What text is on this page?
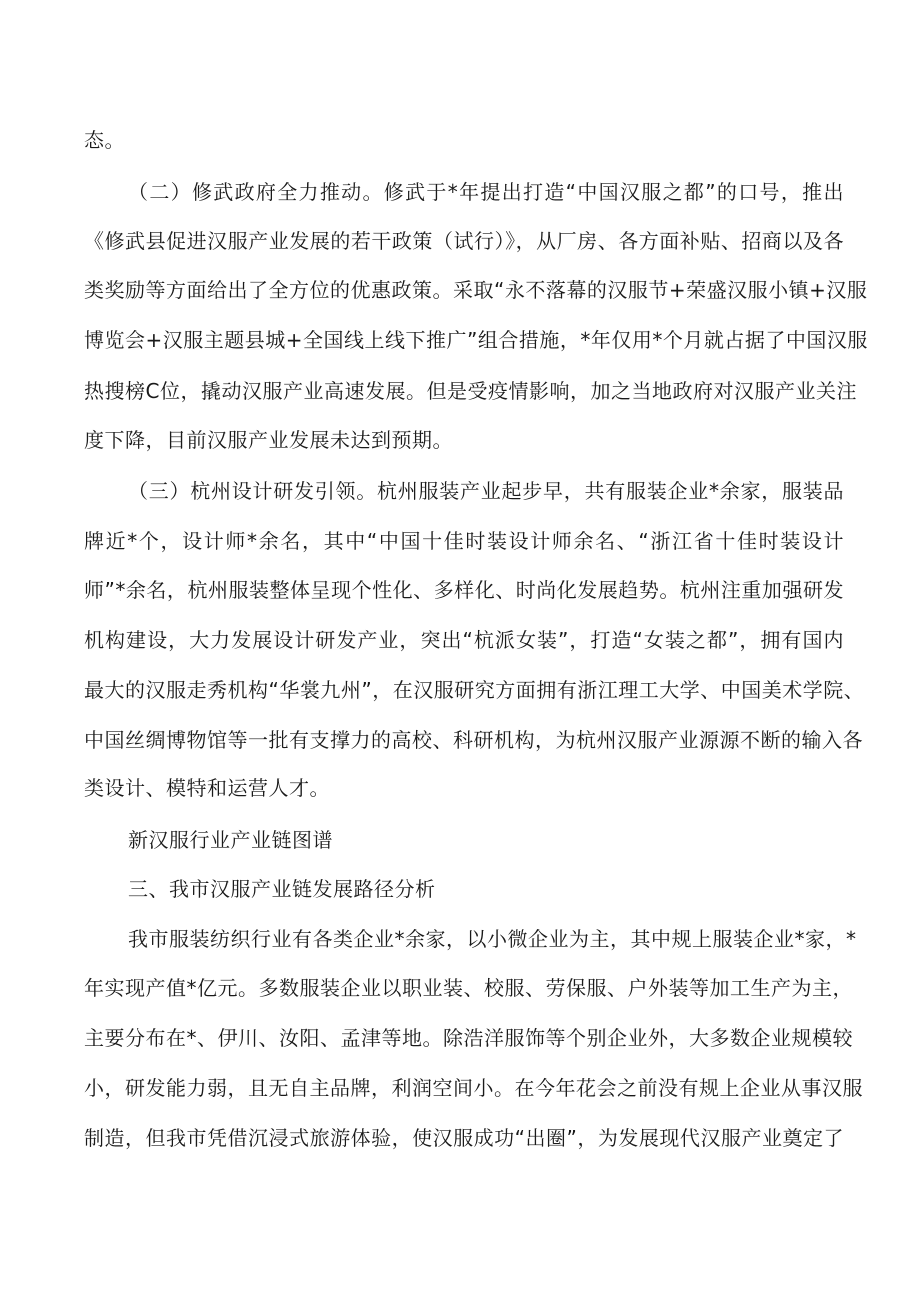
态。
（二）修武政府全力推动。修武于*年提出打造“中国汉服之都”的口号，推出
《修武县促进汉服产业发展的若干政策（试行）》，从厂房、各方面补贴、招商以及各
类奖励等方面给出了全方位的优惠政策。采取“永不落幕的汉服节+荣盛汉服小镇+汉服
博览会+汉服主题县城+全国线上线下推广”组合措施，*年仅用*个月就占据了中国汉服
热搜榜C位，撬动汉服产业高速发展。但是受疫情影响，加之当地政府对汉服产业关注
度下降，目前汉服产业发展未达到预期。
（三）杭州设计研发引领。杭州服装产业起步早，共有服装企业*余家，服装品
牌近*个，设计师*余名，其中“中国十佳时装设计师余名、“浙江省十佳时装设计
师”*余名，杭州服装整体呈现个性化、多样化、时尚化发展趋势。杭州注重加强研发
机构建设，大力发展设计研发产业，突出“杭派女装”，打造“女装之都”，拥有国内
最大的汉服走秀机构“华裳九州”，在汉服研究方面拥有浙江理工大学、中国美术学院、
中国丝绸博物馆等一批有支撑力的高校、科研机构，为杭州汉服产业源源不断的输入各
类设计、模特和运营人才。
新汉服行业产业链图谱
三、我市汉服产业链发展路径分析
我市服装纺织行业有各类企业*余家，以小微企业为主，其中规上服装企业*家，*
年实现产值*亿元。多数服装企业以职业装、校服、劳保服、户外装等加工生产为主，
主要分布在*、伊川、汝阳、孟津等地。除浩洋服饰等个别企业外，大多数企业规模较
小，研发能力弱，且无自主品牌，利润空间小。在今年花会之前没有规上企业从事汉服
制造，但我市凭借沉浸式旅游体验，使汉服成功“出圈”，为发展现代汉服产业奠定了
